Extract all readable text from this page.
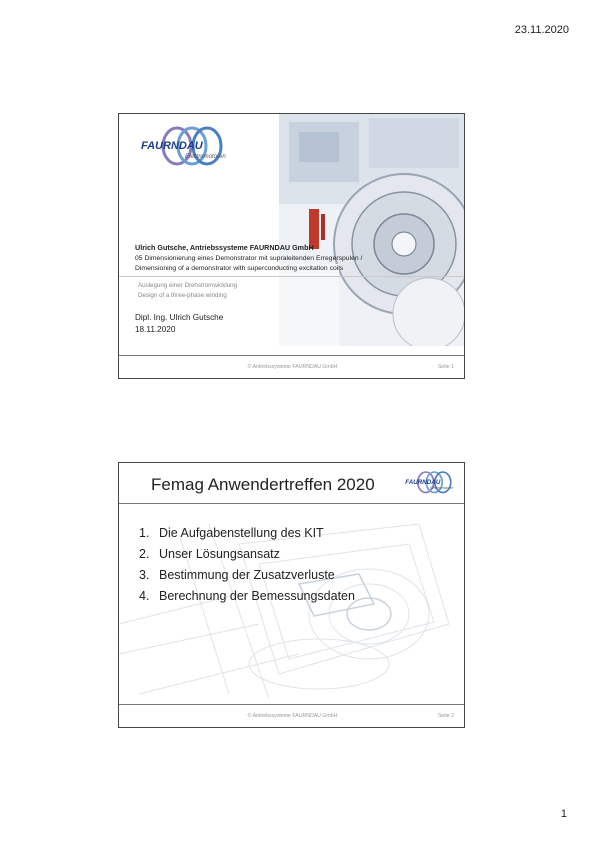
23.11.2020
FAURNDAU
Elektromotoren
Ulrich Gutsche, Antriebssysteme FAURNDAU GmbH
05 Dimensionierung eines Demonstrator mit supraleitenden Erregerspulen /
Dimensioning of a demonstrator with superconducting excitation coils
Auslegung einer Drehstromwicklung
Design of a three-phase winding
Dipl. Ing. Ulrich Gutsche
18.11.2020
© Antriebssysteme FAURNDAU GmbH	Seite 1
Femag Anwendertreffen 2020	FAURNDAU
Elektromotoren
1. Die Aufgabenstellung des KIT
2. Unser Lösungsansatz
3. Bestimmung der Zusatzverluste
4. Berechnung der Bemessungsdaten
© Antriebssysteme FAURNDAU GmbH	Seite 2
1
